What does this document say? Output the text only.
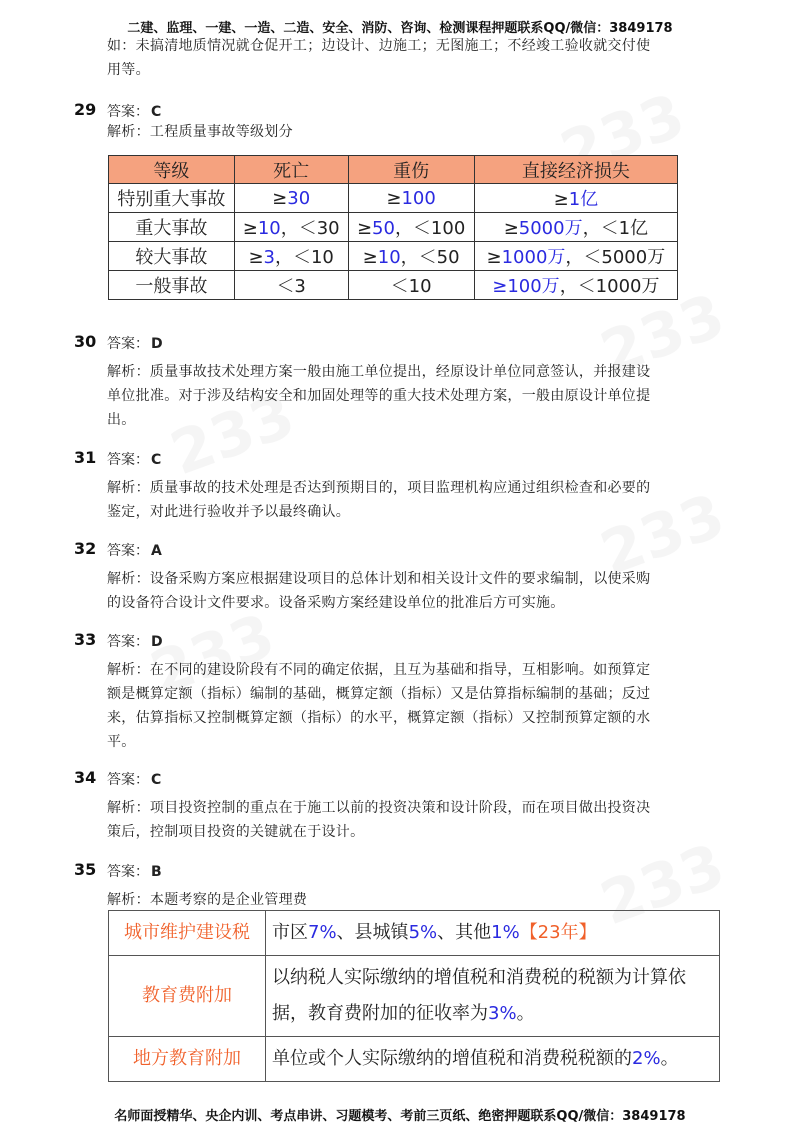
二建、监理、一建、一造、二造、安全、消防、咨询、检测课程押题联系QQ/微信：3849178
如：未搞清地质情况就仓促开工；边设计、边施工；无图施工；不经竣工验收就交付使
用等。
29 答案： C
解析：工程质量事故等级划分
30 答案： D
解析：质量事故技术处理方案一般由施工单位提出，经原设计单位同意签认，并报建设
单位批准。对于涉及结构安全和加固处理等的重大技术处理方案，一般由原设计单位提
出。
31 答案： C
解析：质量事故的技术处理是否达到预期目的，项目监理机构应通过组织检查和必要的
鉴定，对此进行验收并予以最终确认。
32 答案： A
解析：设备采购方案应根据建设项目的总体计划和相关设计文件的要求编制，以使采购
的设备符合设计文件要求。设备采购方案经建设单位的批准后方可实施。
33 答案： D
解析：在不同的建设阶段有不同的确定依据，且互为基础和指导，互相影响。如预算定
额是概算定额（指标）编制的基础，概算定额（指标）又是估算指标编制的基础；反过
来，估算指标又控制概算定额（指标）的水平，概算定额（指标）又控制预算定额的水
平。
34 答案： C
解析：项目投资控制的重点在于施工以前的投资决策和设计阶段，而在项目做出投资决
策后，控制项目投资的关键就在于设计。
35 答案： B
解析：本题考察的是企业管理费
等级	死亡	重伤	直接经济损失
特别重大事故	≥30	≥100	≥1亿
重大事故	≥10，＜30	≥50，＜100	≥5000万，＜1亿
较大事故	≥3，＜10	≥10，＜50	≥1000万，＜5000万
一般事故	＜3	＜10	≥100万，＜1000万
城市维护建设税	市区7%、县城镇5%、其他1%【23年】
教育费附加	以纳税人实际缴纳的增值税和消费税的税额为计算依据，教育费附加的征收率为3%。
地方教育附加	单位或个人实际缴纳的增值税和消费税税额的2%。
名师面授精华、央企内训、考点串讲、习题模考、考前三页纸、绝密押题联系QQ/微信：3849178
